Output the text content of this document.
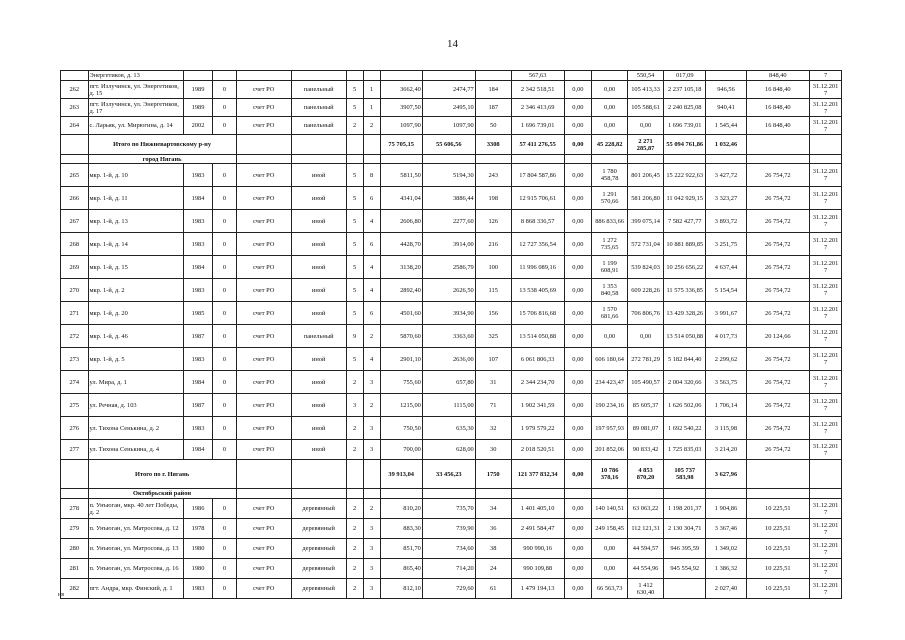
14
	Энергетиков, д. 13										567,63			550,54	017,09		848,40	7
262	пгт. Излучинск, ул. Энергетиков, д. 15	1989	0	счет РО	панельный	5	1	3662,40	2474,77	184	2 342 518,51	0,00	0,00	105 413,33	2 237 105,18	946,56	16 848,40	31.12.201 7
263	пгт. Излучинск, ул. Энергетиков, д. 17	1989	0	счет РО	панельный	5	1	3907,50	2495,10	187	2 346 413,69	0,00	0,00	105 588,61	2 240 825,08	940,41	16 848,40	31.12.201 7
264	с. Ларьяк, ул. Мирюгина, д. 14	2002	0	счет РО	панельный	2	2	1097,90	1097,90	50	1 696 739,01	0,00	0,00	0,00	1 696 739,01	1 545,44	16 848,40	31.12.201 7
	Итого по Нижневартовскому р-ну							75 705,15	55 606,56	3308	57 411 276,55	0,00	45 228,82	2 271 285,87	55 094 761,86	1 032,46		
	город Нягань																	
265	мкр. 1-й, д. 10	1983	0	счет РО	иной	5	8	5811,50	5194,30	243	17 804 587,86	0,00	1 780 458,78	801 206,45	15 222 922,63	3 427,72	26 754,72	31.12.201 7
266	мкр. 1-й, д. 11	1984	0	счет РО	иной	5	6	4341,04	3886,44	198	12 915 706,61	0,00	1 291 570,66	581 206,80	11 042 929,15	3 323,27	26 754,72	31.12.201 7
267	мкр. 1-й, д. 13	1983	0	счет РО	иной	5	4	2606,80	2277,60	126	8 868 336,57	0,00	886 833,66	399 075,14	7 582 427,77	3 893,72	26 754,72	31.12.201 7
268	мкр. 1-й, д. 14	1983	0	счет РО	иной	5	6	4428,70	3914,00	216	12 727 356,54	0,00	1 272 735,65	572 731,04	10 881 889,85	3 251,75	26 754,72	31.12.201 7
269	мкр. 1-й, д. 15	1984	0	счет РО	иной	5	4	3138,20	2586,79	100	11 996 089,16	0,00	1 199 608,91	539 824,03	10 256 656,22	4 637,44	26 754,72	31.12.201 7
270	мкр. 1-й, д. 2	1983	0	счет РО	иной	5	4	2892,40	2626,50	115	13 538 405,69	0,00	1 353 840,58	609 228,26	11 575 336,85	5 154,54	26 754,72	31.12.201 7
271	мкр. 1-й, д. 20	1985	0	счет РО	иной	5	6	4501,60	3934,90	156	15 706 816,68	0,00	1 570 681,66	706 806,76	13 429 328,26	3 991,67	26 754,72	31.12.201 7
272	мкр. 1-й, д. 46	1987	0	счет РО	панельный	9	2	5870,60	3363,60	325	13 514 050,88	0,00	0,00	0,00	13 514 050,88	4 017,73	20 124,66	31.12.201 7
273	мкр. 1-й, д. 5	1983	0	счет РО	иной	5	4	2901,10	2636,00	107	6 061 806,33	0,00	606 180,64	272 781,29	5 182 844,40	2 299,62	26 754,72	31.12.201 7
274	ул. Мира, д. 1	1984	0	счет РО	иной	2	3	755,60	657,80	31	2 344 234,70	0,00	234 423,47	105 490,57	2 004 320,66	3 563,75	26 754,72	31.12.201 7
275	ул. Речная, д. 103	1987	0	счет РО	иной	3	2	1215,00	1115,00	71	1 902 341,59	0,00	190 234,16	85 605,37	1 626 502,06	1 706,14	26 754,72	31.12.201 7
276	ул. Тихона Сенькина, д. 2	1983	0	счет РО	иной	2	3	750,50	635,30	32	1 979 579,22	0,00	197 957,93	89 081,07	1 692 540,22	3 115,98	26 754,72	31.12.201 7
277	ул. Тихона Сенькина, д. 4	1984	0	счет РО	иной	2	3	700,00	628,00	30	2 018 520,51	0,00	201 852,06	90 833,42	1 725 835,03	3 214,20	26 754,72	31.12.201 7
	Итого по г. Нягань							39 913,04	33 456,23	1750	121 377 832,34	0,00	10 786 378,16	4 853 870,20	105 737 583,98	3 627,96		
	Октябрьский район																	
278	п. Унъюган, мкр. 40 лет Победы, д. 2	1986	0	счет РО	деревянный	2	2	810,20	735,70	34	1 401 405,10	0,00	140 140,51	63 063,22	1 198 201,37	1 904,86	10 225,51	31.12.201 7
279	п. Унъюган, ул. Матросова, д. 12	1978	0	счет РО	деревянный	2	3	883,30	739,90	36	2 491 584,47	0,00	249 158,45	112 121,31	2 130 304,71	3 367,46	10 225,51	31.12.201 7
280	п. Унъюган, ул. Матросова, д. 13	1980	0	счет РО	деревянный	2	3	851,70	734,60	38	990 990,16	0,00	0,00	44 594,57	946 395,59	1 349,02	10 225,51	31.12.201 7
281	п. Унъюган, ул. Матросова, д. 16	1980	0	счет РО	деревянный	2	3	865,40	714,20	24	990 109,88	0,00	0,00	44 554,96	945 554,92	1 386,32	10 225,51	31.12.201 7
282	пгт. Андра, мкр. Финский, д. 1	1983	0	счет РО	деревянный	2	3	812,10	729,60	61	1 479 194,13	0,00	66 563,73	1 412 630,40		2 027,40	10 225,51	31.12.201 7
нв
